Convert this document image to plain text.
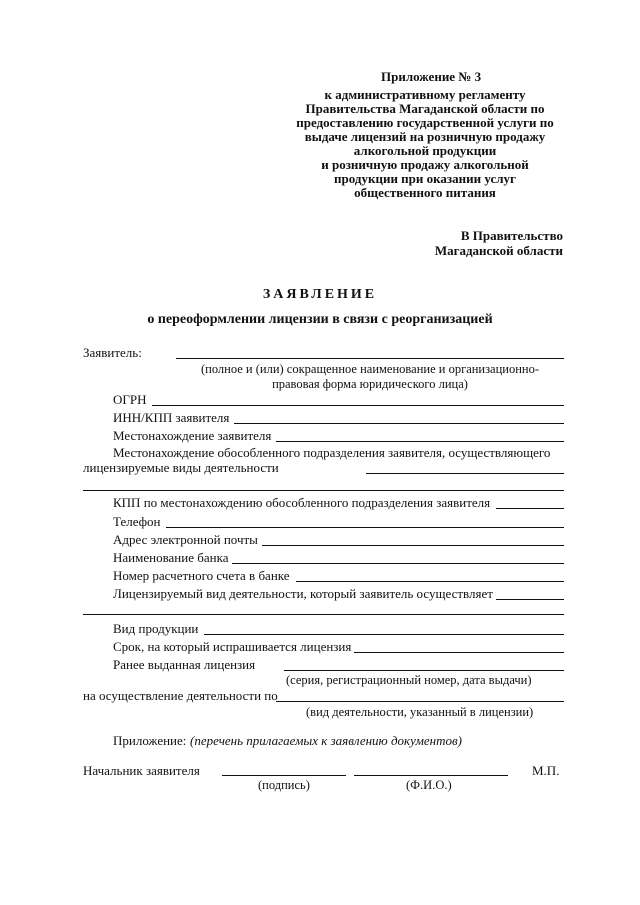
Приложение № 3
к административному регламенту
Правительства Магаданской области по
предоставлению государственной услуги по
выдаче лицензий на розничную продажу
алкогольной продукции
и розничную продажу алкогольной
продукции при оказании услуг
общественного питания
В Правительство
Магаданской области
ЗАЯВЛЕНИЕ
о переоформлении лицензии в связи с реорганизацией
Заявитель:
(полное и (или) сокращенное наименование и организационно-
правовая форма юридического лица)
ОГРН
ИНН/КПП заявителя
Местонахождение заявителя
Местонахождение обособленного подразделения заявителя, осуществляющего
лицензируемые виды деятельности
КПП по местонахождению обособленного подразделения заявителя
Телефон
Адрес электронной почты
Наименование банка
Номер расчетного счета в банке
Лицензируемый вид деятельности, который заявитель осуществляет
Вид продукции
Срок, на который испрашивается лицензия
Ранее выданная лицензия
(серия, регистрационный номер, дата выдачи)
на осуществление деятельности по
(вид деятельности, указанный в лицензии)
Приложение: (перечень прилагаемых к заявлению документов)
Начальник заявителя
(подпись)	(Ф.И.О.)
М.П.
